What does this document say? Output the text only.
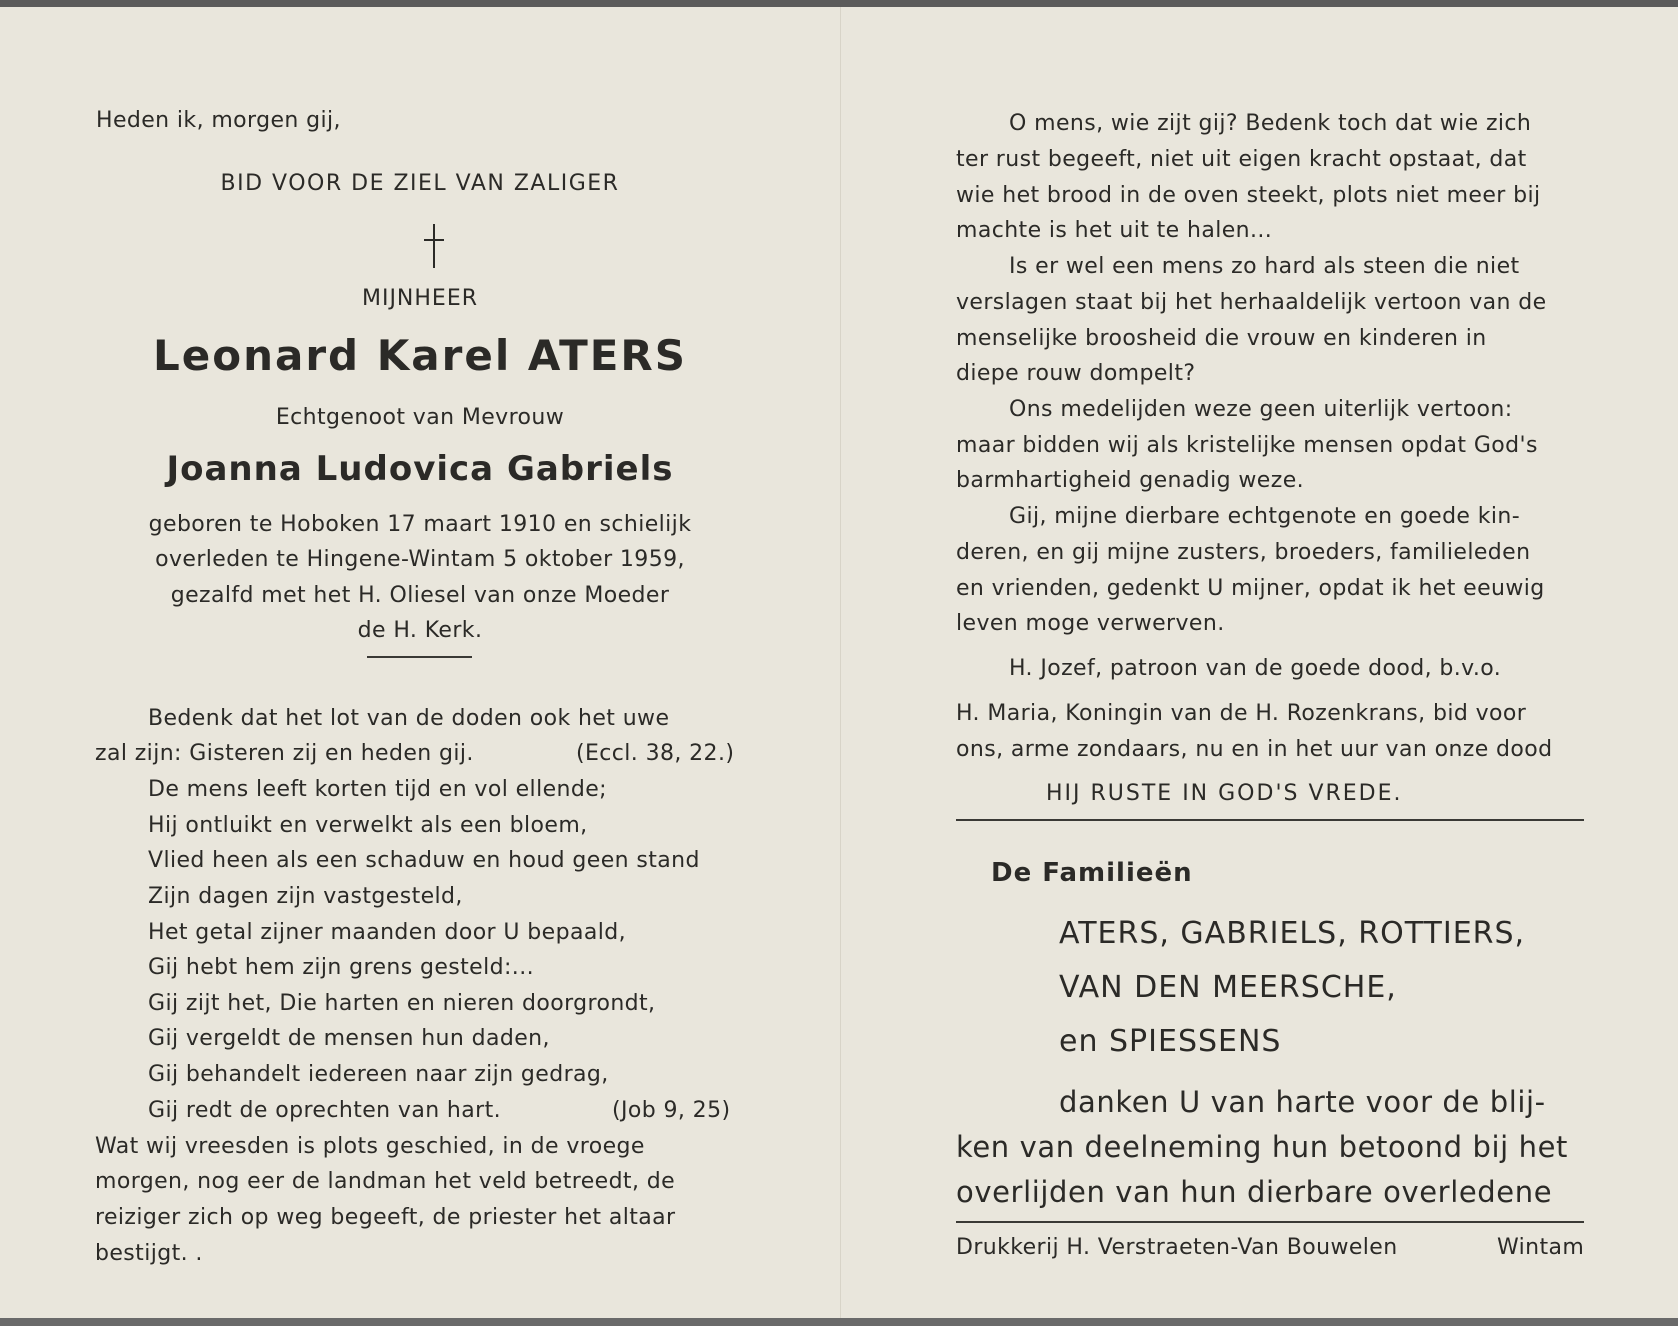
Heden ik, morgen gij,
BID VOOR DE ZIEL VAN ZALIGER
MIJNHEER
Leonard Karel ATERS
Echtgenoot van Mevrouw
Joanna Ludovica Gabriels
geboren te Hoboken 17 maart 1910 en schielijk
overleden te Hingene-Wintam 5 oktober 1959,
gezalfd met het H. Oliesel van onze Moeder
de H. Kerk.
Bedenk dat het lot van de doden ook het uwe
zal zijn: Gisteren zij en heden gij.	(Eccl. 38, 22.)
De mens leeft korten tijd en vol ellende;
Hij ontluikt en verwelkt als een bloem,
Vlied heen als een schaduw en houd geen stand
Zijn dagen zijn vastgesteld,
Het getal zijner maanden door U bepaald,
Gij hebt hem zijn grens gesteld:...
Gij zijt het, Die harten en nieren doorgrondt,
Gij vergeldt de mensen hun daden,
Gij behandelt iedereen naar zijn gedrag,
Gij redt de oprechten van hart.	(Job 9, 25)
Wat wij vreesden is plots geschied, in de vroege
morgen, nog eer de landman het veld betreedt, de
reiziger zich op weg begeeft, de priester het altaar
bestijgt. .
O mens, wie zijt gij? Bedenk toch dat wie zich
ter rust begeeft, niet uit eigen kracht opstaat, dat
wie het brood in de oven steekt, plots niet meer bij
machte is het uit te halen...
Is er wel een mens zo hard als steen die niet
verslagen staat bij het herhaaldelijk vertoon van de
menselijke broosheid die vrouw en kinderen in
diepe rouw dompelt?
Ons medelijden weze geen uiterlijk vertoon:
maar bidden wij als kristelijke mensen opdat God's
barmhartigheid genadig weze.
Gij, mijne dierbare echtgenote en goede kin-
deren, en gij mijne zusters, broeders, familieleden
en vrienden, gedenkt U mijner, opdat ik het eeuwig
leven moge verwerven.
H. Jozef, patroon van de goede dood, b.v.o.
H. Maria, Koningin van de H. Rozenkrans, bid voor
ons, arme zondaars, nu en in het uur van onze dood
HIJ RUSTE IN GOD'S VREDE.
De Familieën
ATERS, GABRIELS, ROTTIERS,
VAN DEN MEERSCHE,
en SPIESSENS
danken U van harte voor de blij-
ken van deelneming hun betoond bij het
overlijden van hun dierbare overledene
Drukkerij H. Verstraeten-Van Bouwelen	Wintam
